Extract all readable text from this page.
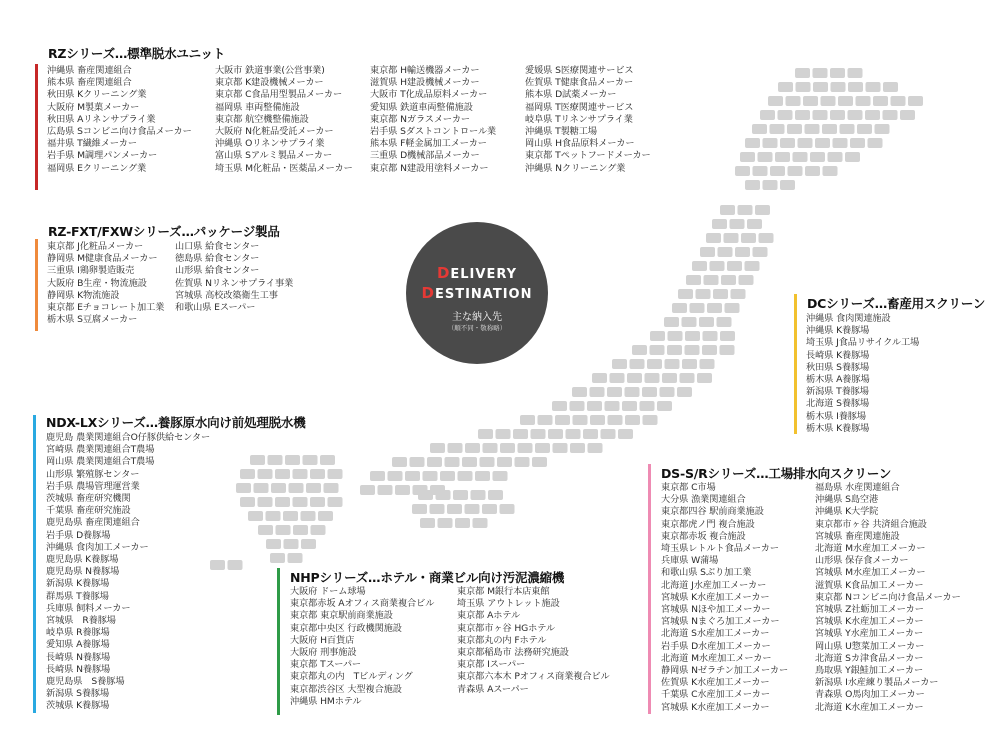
RZシリーズ…標準脱水ユニット
沖縄県 畜産関連組合
熊本県 畜産関連組合
秋田県 Kクリーニング業
大阪府 M製菓メーカー
秋田県 Aリネンサプライ業
広島県 Sコンビニ向け食品メーカー
福井県 T繊維メーカー
岩手県 M調理パンメーカー
福岡県 Eクリーニング業
大阪市 鉄道事業(公営事業)
東京都 K建設機械メーカー
東京都 C食品用型製品メーカー
福岡県 車両整備施設
東京都 航空機整備施設
大阪府 N化粧品受託メーカー
沖縄県 Oリネンサプライ業
富山県 Sアルミ製品メーカー
埼玉県 M化粧品・医薬品メーカー
東京都 H輸送機器メーカー
滋賀県 H建設機械メーカー
大阪市 T化成品原料メーカー
愛知県 鉄道車両整備施設
東京都 Nガラスメーカー
岩手県 Sダストコントロール業
熊本県 F軽金属加工メーカー
三重県 D機械部品メーカー
東京都 N建設用塗料メーカー
愛媛県 S医療関連サービス
佐賀県 T健康食品メーカー
熊本県 D試薬メーカー
福岡県 T医療関連サービス
岐阜県 Tリネンサプライ業
沖縄県 T製糖工場
岡山県 H食品原料メーカー
東京都 Tペットフードメーカー
沖縄県 Nクリーニング業
RZ-FXT/FXWシリーズ…パッケージ製品
東京都 J化粧品メーカー
静岡県 M健康食品メーカー
三重県 I鶏卵製造販売
大阪府 B生産・物流施設
静岡県 K物流施設
東京都 Eチョコレート加工業
栃木県 S豆腐メーカー
山口県 給食センター
徳島県 給食センター
山形県 給食センター
佐賀県 Nリネンサプライ事業
宮城県 高校改築衛生工事
和歌山県 Eスーパー	DCシリーズ…畜産用スクリーン
沖縄県 食肉関連施設
沖縄県 K養豚場
埼玉県 J食品リサイクル工場
長崎県 K養豚場
秋田県 S養豚場
栃木県 A養豚場
新潟県 T養豚場
北海道 S養豚場
栃木県 I養豚場
栃木県 K養豚場
NDX-LXシリーズ…養豚原水向け前処理脱水機
鹿児島 農業関連組合O仔豚供給センター
宮崎県 農業関連組合T農場
岡山県 農業関連組合T農場
山形県 繁殖豚センター
岩手県 農場管理運営業
茨城県 畜産研究機関
千葉県 畜産研究施設
鹿児島県 畜産関連組合
岩手県 D養豚場
沖縄県 食肉加工メーカー
鹿児島県 K養豚場
鹿児島県 N養豚場
新潟県 K養豚場
群馬県 T養豚場
兵庫県 飼料メーカー
宮城県　R養豚場
岐阜県 R養豚場
愛知県 A養豚場
長崎県 N養豚場
長崎県 N養豚場
鹿児島県　S養豚場
新潟県 S養豚場
茨城県 K養豚場
DS-S/Rシリーズ…工場排水向スクリーン
東京都 C市場
大分県 漁業関連組合
東京都四谷 駅前商業施設
東京都虎ノ門 複合施設
東京都赤坂 複合施設
埼玉県レトルト食品メーカー
兵庫県 W蒲場
和歌山県 Sぶり加工業
北海道 J水産加工メーカー
宮城県 K水産加工メーカー
宮城県 Nほや加工メーカー
宮城県 Nまぐろ加工メーカー
北海道 S水産加工メーカー
岩手県 D水産加工メーカー
北海道 M水産加工メーカー
静岡県 Nゼラチン加工メーカー
佐賀県 K水産加工メーカー
千葉県 C水産加工メーカー
宮城県 K水産加工メーカー
福島県 水産関連組合
沖縄県 S島空港
沖縄県 K大学院
東京都市ヶ谷 共済組合施設
宮城県 畜産関連施設
北海道 M水産加工メーカー
山形県 保存食メーカー
宮城県 M水産加工メーカー
滋賀県 K食品加工メーカー
東京都 Nコンビニ向け食品メーカー
宮城県 Z社蛎加工メーカー
宮城県 K水産加工メーカー
宮城県 Y水産加工メーカー
岡山県 U惣菜加工メーカー
北海道 Sカ津食品メーカー
鳥取県 Y銀鮭加工メーカー
新潟県 I水産練り製品メーカー
青森県 O馬肉加工メーカー
北海道 K水産加工メーカー
NHPシリーズ…ホテル・商業ビル向け汚泥濃縮機
大阪府 ドーム球場
東京都赤坂 Aオフィス商業複合ビル
東京都 東京駅前商業施設
東京都中央区 行政機関施設
大阪府 H百貨店
大阪府 刑事施設
東京都 Tスーパー
東京都丸の内　Tビルディング
東京都渋谷区 大型複合施設
沖縄県 HMホテル
東京都 M銀行本店東館
埼玉県 アウトレット施設
東京都 Aホテル
東京都市ヶ谷 HGホテル
東京都丸の内 Fホテル
東京都稲島市 法務研究施設
東京都 Iスーパー
東京都六本木 Pオフィス商業複合ビル
青森県 Aスーパー
DELIVERY
DESTINATION
主な納入先
（順不同・敬称略）
